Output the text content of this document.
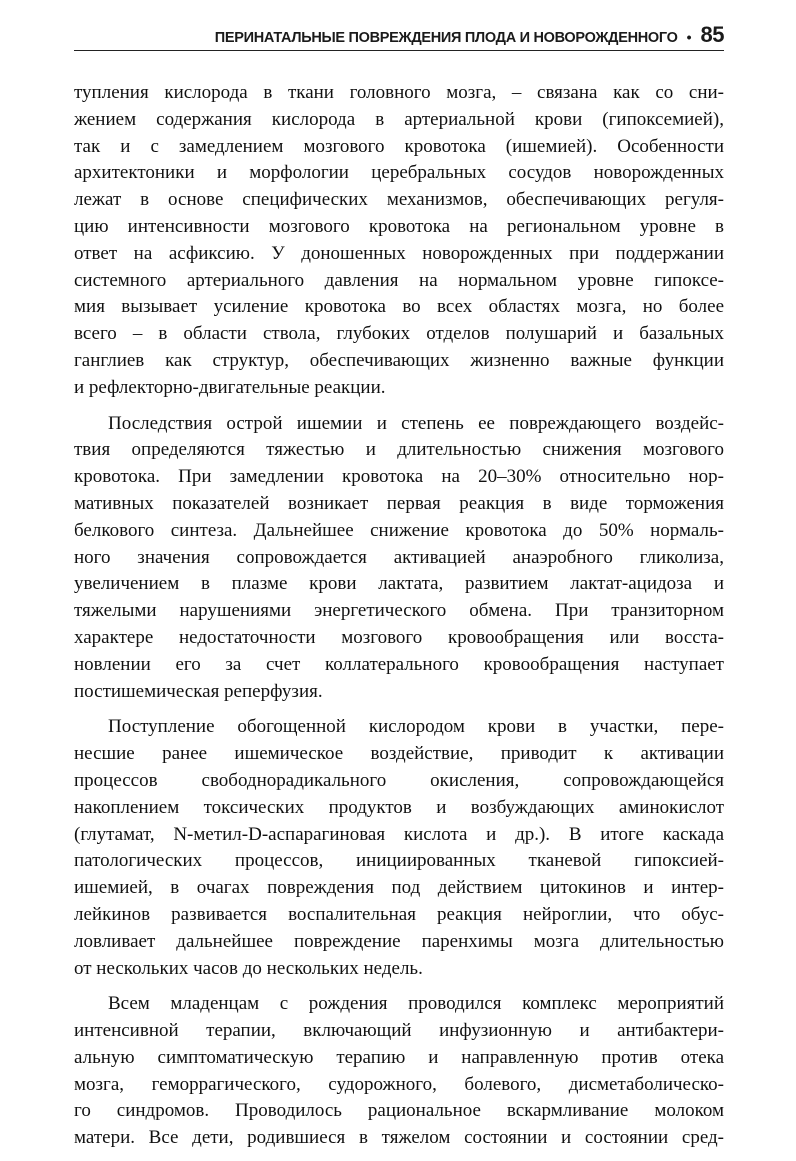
ПЕРИНАТАЛЬНЫЕ ПОВРЕЖДЕНИЯ ПЛОДА И НОВОРОЖДЕННОГО • 85

тупления кислорода в ткани головного мозга, – связана как со сни-
жением содержания кислорода в артериальной крови (гипоксемией),
так и с замедлением мозгового кровотока (ишемией). Особенности
архитектоники и морфологии церебральных сосудов новорожденных
лежат в основе специфических механизмов, обеспечивающих регуля-
цию интенсивности мозгового кровотока на региональном уровне в
ответ на асфиксию. У доношенных новорожденных при поддержании
системного артериального давления на нормальном уровне гипоксе-
мия вызывает усиление кровотока во всех областях мозга, но более
всего – в области ствола, глубоких отделов полушарий и базальных
ганглиев как структур, обеспечивающих жизненно важные функции
и рефлекторно-двигательные реакции.

Последствия острой ишемии и степень ее повреждающего воздейс-
твия определяются тяжестью и длительностью снижения мозгового
кровотока. При замедлении кровотока на 20–30% относительно нор-
мативных показателей возникает первая реакция в виде торможения
белкового синтеза. Дальнейшее снижение кровотока до 50% нормаль-
ного значения сопровождается активацией анаэробного гликолиза,
увеличением в плазме крови лактата, развитием лактат-ацидоза и
тяжелыми нарушениями энергетического обмена. При транзиторном
характере недостаточности мозгового кровообращения или восста-
новлении его за счет коллатерального кровообращения наступает
постишемическая реперфузия.

Поступление обогощенной кислородом крови в участки, пере-
несшие ранее ишемическое воздействие, приводит к активации
процессов свободнорадикального окисления, сопровождающейся
накоплением токсических продуктов и возбуждающих аминокислот
(глутамат, N-метил-D-аспарагиновая кислота и др.). В итоге каскада
патологических процессов, инициированных тканевой гипоксией-
ишемией, в очагах повреждения под действием цитокинов и интер-
лейкинов развивается воспалительная реакция нейроглии, что обус-
ловливает дальнейшее повреждение паренхимы мозга длительностью
от нескольких часов до нескольких недель.

Всем младенцам с рождения проводился комплекс мероприятий
интенсивной терапии, включающий инфузионную и антибактери-
альную симптоматическую терапию и направленную против отека
мозга, геморрагического, судорожного, болевого, дисметаболическо-
го синдромов. Проводилось рациональное вскармливание молоком
матери. Все дети, родившиеся в тяжелом состоянии и состоянии сред-
